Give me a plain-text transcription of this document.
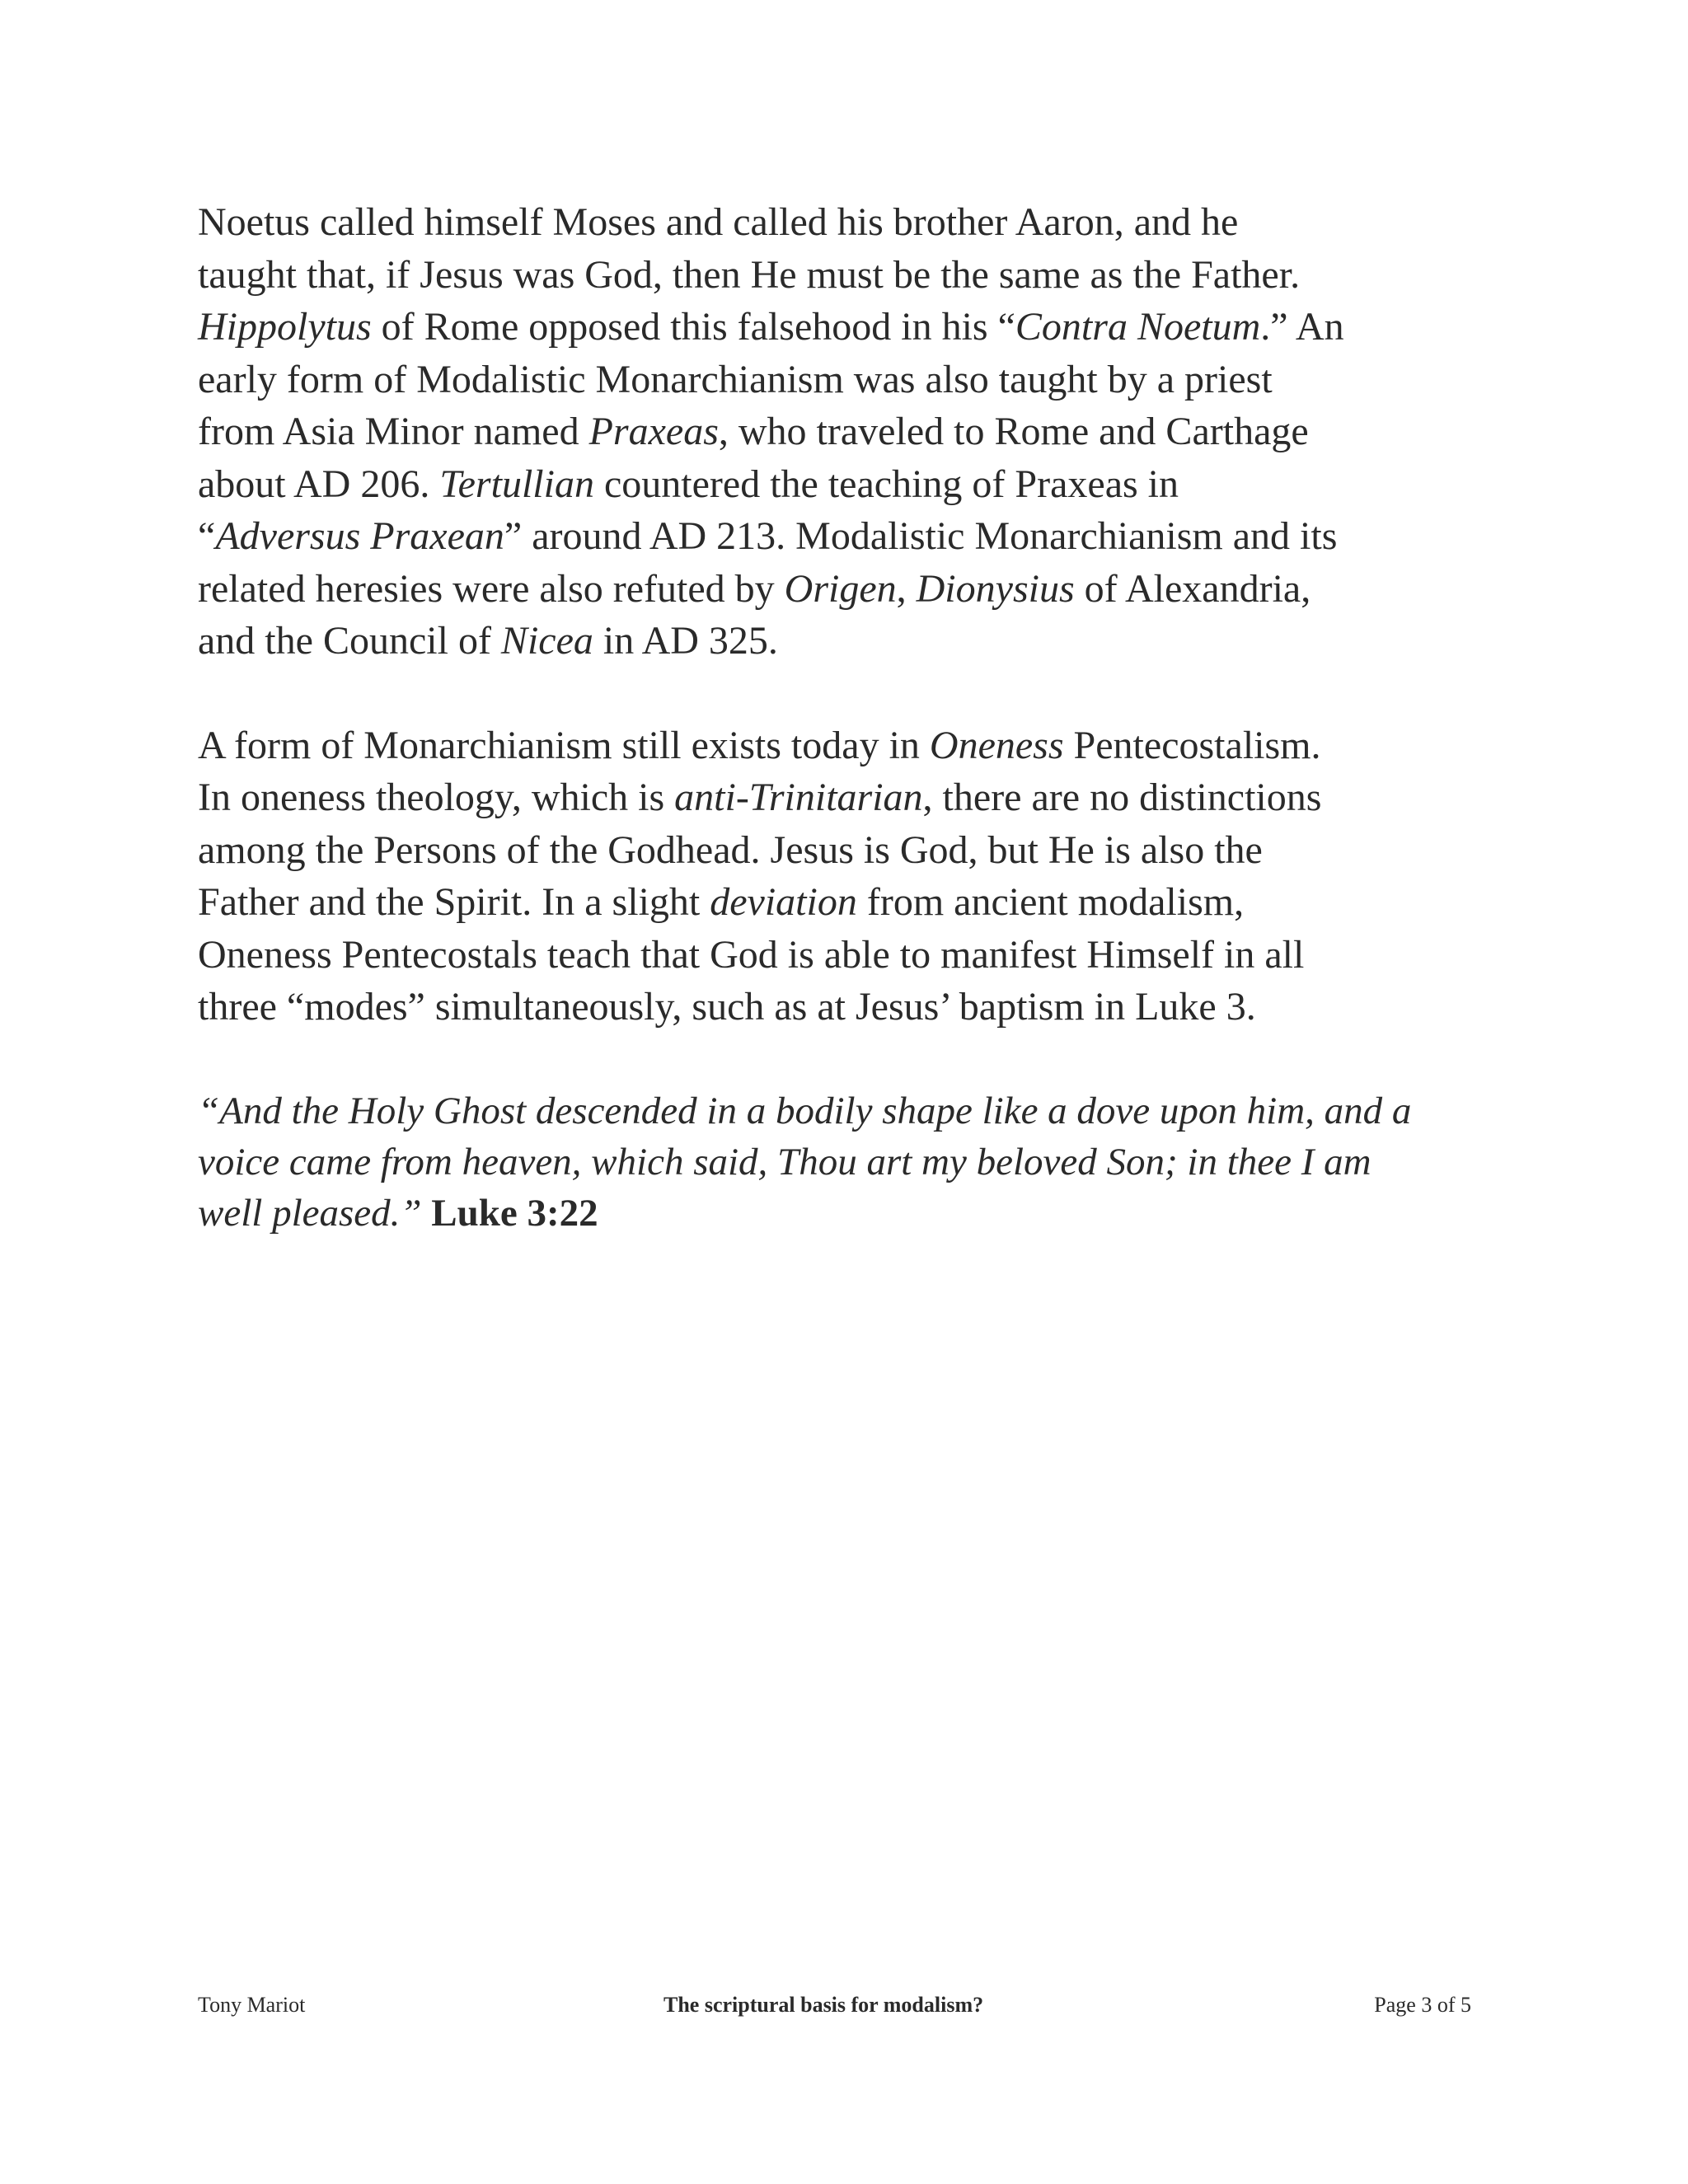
Noetus called himself Moses and called his brother Aaron, and he
taught that, if Jesus was God, then He must be the same as the Father.
Hippolytus of Rome opposed this falsehood in his “Contra Noetum.” An
early form of Modalistic Monarchianism was also taught by a priest
from Asia Minor named Praxeas, who traveled to Rome and Carthage
about AD 206. Tertullian countered the teaching of Praxeas in
“Adversus Praxean” around AD 213. Modalistic Monarchianism and its
related heresies were also refuted by Origen, Dionysius of Alexandria,
and the Council of Nicea in AD 325.
A form of Monarchianism still exists today in Oneness Pentecostalism.
In oneness theology, which is anti-Trinitarian, there are no distinctions
among the Persons of the Godhead. Jesus is God, but He is also the
Father and the Spirit. In a slight deviation from ancient modalism,
Oneness Pentecostals teach that God is able to manifest Himself in all
three “modes” simultaneously, such as at Jesus’ baptism in Luke 3.
“And the Holy Ghost descended in a bodily shape like a dove upon him, and a
voice came from heaven, which said, Thou art my beloved Son; in thee I am
well pleased.” Luke 3:22
Tony Mariot	The scriptural basis for modalism?	Page 3 of 5
